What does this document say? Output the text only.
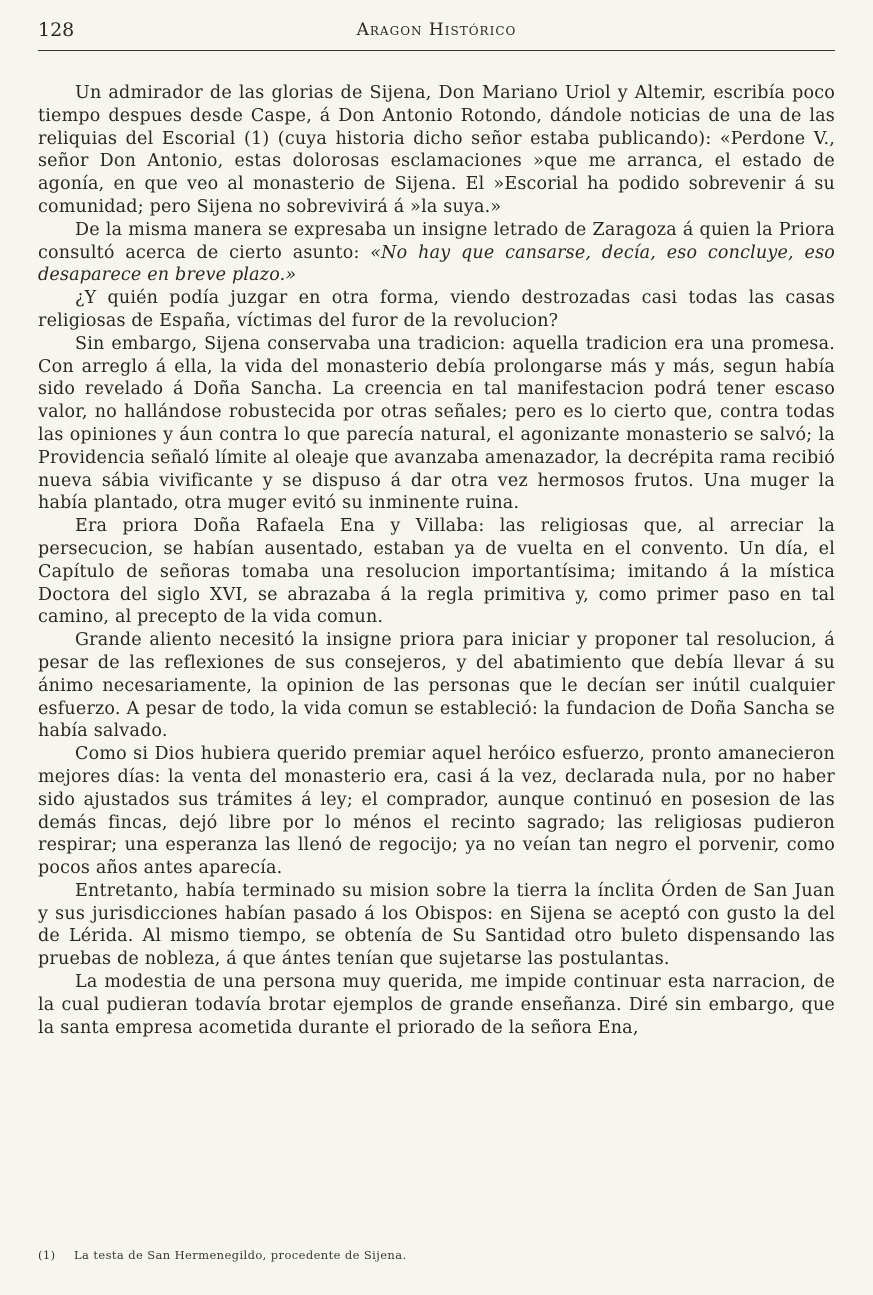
128	Aragon Histórico

Un admirador de las glorias de Sijena, Don Mariano Uriol y Altemir, escribía poco tiempo despues desde Caspe, á Don Antonio Rotondo, dándole noticias de una de las reliquias del Escorial (1) (cuya historia dicho señor estaba publicando): «Perdone V., señor Don Antonio, estas dolorosas esclamaciones »que me arranca, el estado de agonía, en que veo al monasterio de Sijena. El »Escorial ha podido sobrevenir á su comunidad; pero Sijena no sobrevivirá á »la suya.»

De la misma manera se expresaba un insigne letrado de Zaragoza á quien la Priora consultó acerca de cierto asunto: «No hay que cansarse, decía, eso concluye, eso desaparece en breve plazo.»

¿Y quién podía juzgar en otra forma, viendo destrozadas casi todas las casas religiosas de España, víctimas del furor de la revolucion?

Sin embargo, Sijena conservaba una tradicion: aquella tradicion era una promesa. Con arreglo á ella, la vida del monasterio debía prolongarse más y más, segun había sido revelado á Doña Sancha. La creencia en tal manifestacion podrá tener escaso valor, no hallándose robustecida por otras señales; pero es lo cierto que, contra todas las opiniones y áun contra lo que parecía natural, el agonizante monasterio se salvó; la Providencia señaló límite al oleaje que avanzaba amenazador, la decrépita rama recibió nueva sábia vivificante y se dispuso á dar otra vez hermosos frutos. Una muger la había plantado, otra muger evitó su inminente ruina.

Era priora Doña Rafaela Ena y Villaba: las religiosas que, al arreciar la persecucion, se habían ausentado, estaban ya de vuelta en el convento. Un día, el Capítulo de señoras tomaba una resolucion importantísima; imitando á la mística Doctora del siglo XVI, se abrazaba á la regla primitiva y, como primer paso en tal camino, al precepto de la vida comun.

Grande aliento necesitó la insigne priora para iniciar y proponer tal resolucion, á pesar de las reflexiones de sus consejeros, y del abatimiento que debía llevar á su ánimo necesariamente, la opinion de las personas que le decían ser inútil cualquier esfuerzo. A pesar de todo, la vida comun se estableció: la fundacion de Doña Sancha se había salvado.

Como si Dios hubiera querido premiar aquel heróico esfuerzo, pronto amanecieron mejores días: la venta del monasterio era, casi á la vez, declarada nula, por no haber sido ajustados sus trámites á ley; el comprador, aunque continuó en posesion de las demás fincas, dejó libre por lo ménos el recinto sagrado; las religiosas pudieron respirar; una esperanza las llenó de regocijo; ya no veían tan negro el porvenir, como pocos años antes aparecía.

Entretanto, había terminado su mision sobre la tierra la ínclita Órden de San Juan y sus jurisdicciones habían pasado á los Obispos: en Sijena se aceptó con gusto la del de Lérida. Al mismo tiempo, se obtenía de Su Santidad otro buleto dispensando las pruebas de nobleza, á que ántes tenían que sujetarse las postulantas.

La modestia de una persona muy querida, me impide continuar esta narracion, de la cual pudieran todavía brotar ejemplos de grande enseñanza. Diré sin embargo, que la santa empresa acometida durante el priorado de la señora Ena,

(1) La testa de San Hermenegildo, procedente de Sijena.
